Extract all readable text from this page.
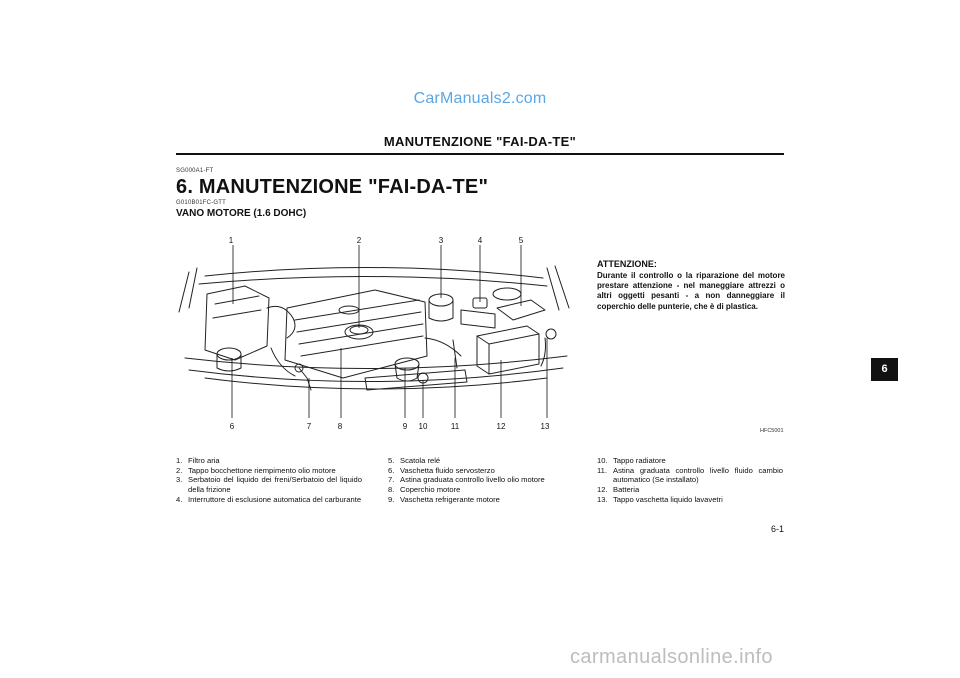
CarManuals2.com
MANUTENZIONE "FAI-DA-TE"
SG000A1-FT
6. MANUTENZIONE "FAI-DA-TE"
G010B01FC-GTT
VANO MOTORE (1.6 DOHC)
1	2	3	4	5
6	7	8	9 10	11	12	13	HFC5001
ATTENZIONE:
Durante il controllo o la riparazione del motore prestare attenzione - nel maneggiare attrezzi o altri oggetti pesanti - a non danneggiare il coperchio delle punterie, che è di plastica.
1. Filtro aria
2. Tappo bocchettone riempimento olio motore
3. Serbatoio del liquido dei freni/Serbatoio del liquido della frizione
4. Interruttore di esclusione automatica del carburante
5. Scatola relé
6. Vaschetta fluido servosterzo
7. Astina graduata controllo livello olio motore
8. Coperchio motore
9. Vaschetta refrigerante motore
10. Tappo radiatore
11. Astina graduata controllo livello fluido cambio automatico (Se installato)
12. Batteria
13. Tappo vaschetta liquido lavavetri
6-1
6
carmanualsonline.info
